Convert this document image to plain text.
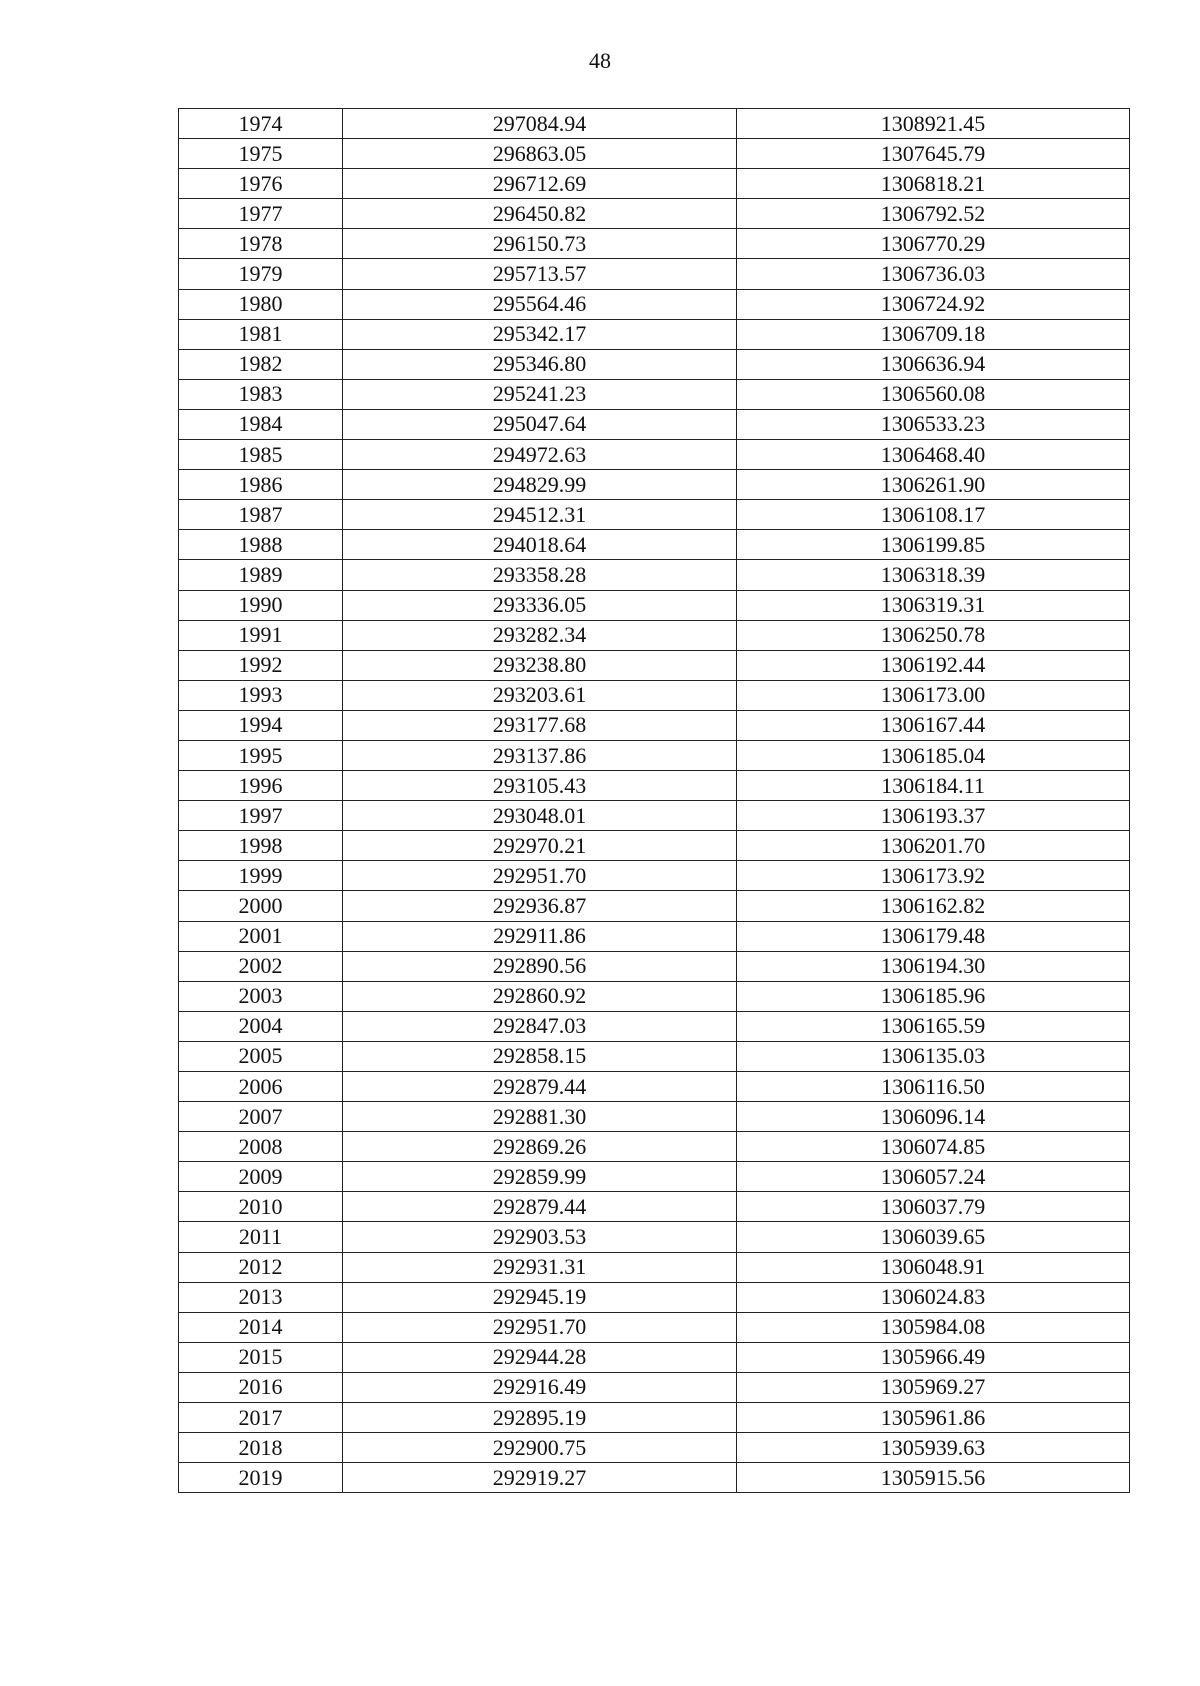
48
1974	297084.94	1308921.45
1975	296863.05	1307645.79
1976	296712.69	1306818.21
1977	296450.82	1306792.52
1978	296150.73	1306770.29
1979	295713.57	1306736.03
1980	295564.46	1306724.92
1981	295342.17	1306709.18
1982	295346.80	1306636.94
1983	295241.23	1306560.08
1984	295047.64	1306533.23
1985	294972.63	1306468.40
1986	294829.99	1306261.90
1987	294512.31	1306108.17
1988	294018.64	1306199.85
1989	293358.28	1306318.39
1990	293336.05	1306319.31
1991	293282.34	1306250.78
1992	293238.80	1306192.44
1993	293203.61	1306173.00
1994	293177.68	1306167.44
1995	293137.86	1306185.04
1996	293105.43	1306184.11
1997	293048.01	1306193.37
1998	292970.21	1306201.70
1999	292951.70	1306173.92
2000	292936.87	1306162.82
2001	292911.86	1306179.48
2002	292890.56	1306194.30
2003	292860.92	1306185.96
2004	292847.03	1306165.59
2005	292858.15	1306135.03
2006	292879.44	1306116.50
2007	292881.30	1306096.14
2008	292869.26	1306074.85
2009	292859.99	1306057.24
2010	292879.44	1306037.79
2011	292903.53	1306039.65
2012	292931.31	1306048.91
2013	292945.19	1306024.83
2014	292951.70	1305984.08
2015	292944.28	1305966.49
2016	292916.49	1305969.27
2017	292895.19	1305961.86
2018	292900.75	1305939.63
2019	292919.27	1305915.56
